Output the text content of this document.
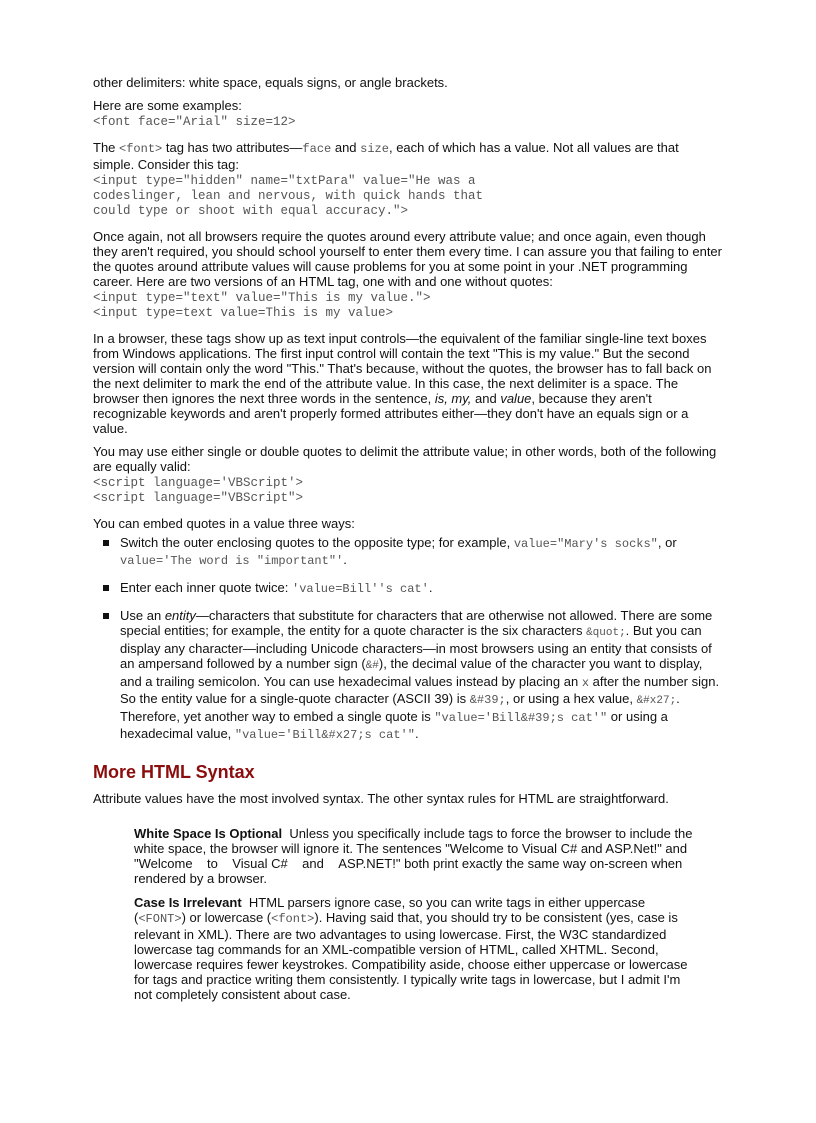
other delimiters: white space, equals signs, or angle brackets.

Here are some examples:

<font face="Arial" size=12>

The <font> tag has two attributes—face and size, each of which has a value. Not all values are that simple. Consider this tag:

<input type="hidden" name="txtPara" value="He was a
codeslinger, lean and nervous, with quick hands that
could type or shoot with equal accuracy.">

Once again, not all browsers require the quotes around every attribute value; and once again, even though they aren't required, you should school yourself to enter them every time. I can assure you that failing to enter the quotes around attribute values will cause problems for you at some point in your .NET programming career. Here are two versions of an HTML tag, one with and one without quotes:

<input type="text" value="This is my value.">
<input type=text value=This is my value>

In a browser, these tags show up as text input controls—the equivalent of the familiar single-line text boxes from Windows applications. The first input control will contain the text "This is my value." But the second version will contain only the word "This." That's because, without the quotes, the browser has to fall back on the next delimiter to mark the end of the attribute value. In this case, the next delimiter is a space. The browser then ignores the next three words in the sentence, is, my, and value, because they aren't recognizable keywords and aren't properly formed attributes either—they don't have an equals sign or a value.

You may use either single or double quotes to delimit the attribute value; in other words, both of the following are equally valid:

<script language='VBScript'>
<script language="VBScript">

You can embed quotes in a value three ways:

Switch the outer enclosing quotes to the opposite type; for example, value="Mary's socks", or value='The word is "important"'.
Enter each inner quote twice: 'value=Bill''s cat'.
Use an entity—characters that substitute for characters that are otherwise not allowed. There are some special entities; for example, the entity for a quote character is the six characters &quot;. But you can display any character—including Unicode characters—in most browsers using an entity that consists of an ampersand followed by a number sign (&#), the decimal value of the character you want to display, and a trailing semicolon. You can use hexadecimal values instead by placing an x after the number sign. So the entity value for a single-quote character (ASCII 39) is &#39;, or using a hex value, &#x27;. Therefore, yet another way to embed a single quote is "value='Bill&#39;s cat'" or using a hexadecimal value, "value='Bill&#x27;s cat'".
More HTML Syntax

Attribute values have the most involved syntax. The other syntax rules for HTML are straightforward.

White Space Is Optional Unless you specifically include tags to force the browser to include the white space, the browser will ignore it. The sentences "Welcome to Visual C# and ASP.Net!" and "Welcome    to    Visual C#    and    ASP.NET!" both print exactly the same way on-screen when rendered by a browser.

Case Is Irrelevant HTML parsers ignore case, so you can write tags in either uppercase (<FONT>) or lowercase (<font>). Having said that, you should try to be consistent (yes, case is relevant in XML). There are two advantages to using lowercase. First, the W3C standardized lowercase tag commands for an XML-compatible version of HTML, called XHTML. Second, lowercase requires fewer keystrokes. Compatibility aside, choose either uppercase or lowercase for tags and practice writing them consistently. I typically write tags in lowercase, but I admit I'm not completely consistent about case.
